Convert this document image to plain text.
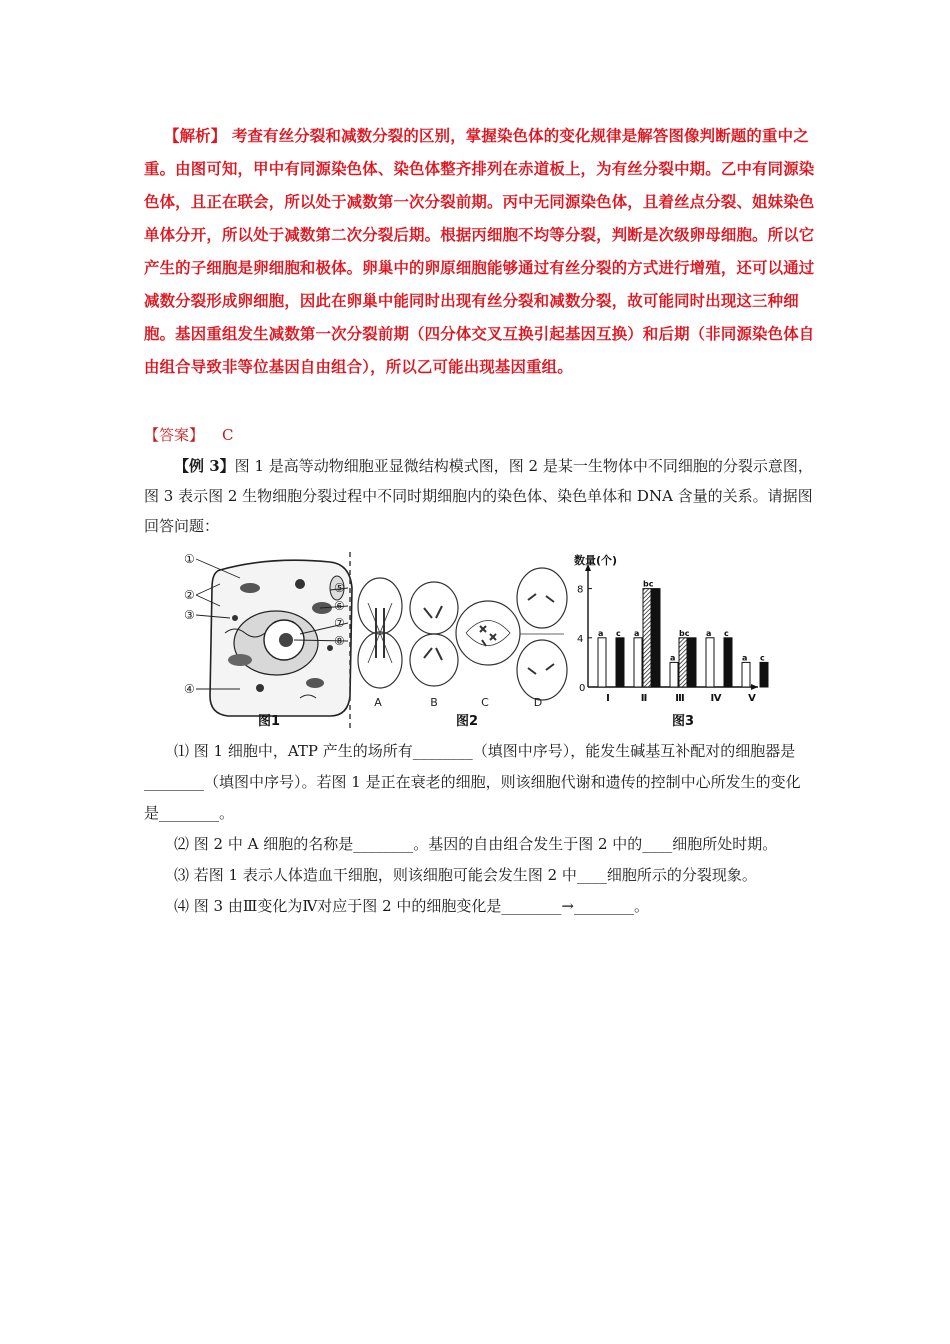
【解析】 考查有丝分裂和减数分裂的区别，掌握染色体的变化规律是解答图像判断题的重中之重。由图可知，甲中有同源染色体、染色体整齐排列在赤道板上，为有丝分裂中期。乙中有同源染色体，且正在联会，所以处于减数第一次分裂前期。丙中无同源染色体，且着丝点分裂、姐妹染色单体分开，所以处于减数第二次分裂后期。根据丙细胞不均等分裂，判断是次级卵母细胞。所以它产生的子细胞是卵细胞和极体。卵巢中的卵原细胞能够通过有丝分裂的方式进行增殖，还可以通过减数分裂形成卵细胞，因此在卵巢中能同时出现有丝分裂和减数分裂，故可能同时出现这三种细胞。基因重组发生减数第一次分裂前期（四分体交叉互换引起基因互换）和后期（非同源染色体自由组合导致非等位基因自由组合），所以乙可能出现基因重组。
【答案】 C

【例 3】图 1 是高等动物细胞亚显微结构模式图，图 2 是某一生物体中不同细胞的分裂示意图，图 3 表示图 2 生物细胞分裂过程中不同时期细胞内的染色体、染色单体和 DNA 含量的关系。请据图回答问题：

①
②
③
④
⑤
⑥
⑦
⑧
图1
A	B	C	D
图2
4
8
a c
Ⅰ
a
bc
Ⅱ
a
bc
Ⅲ
a c
Ⅳ
a c
Ⅴ
数量(个)
0
图3

⑴ 图 1 细胞中，ATP 产生的场所有________（填图中序号），能发生碱基互补配对的细胞器是________（填图中序号）。若图 1 是正在衰老的细胞，则该细胞代谢和遗传的控制中心所发生的变化是________。

⑵ 图 2 中 A 细胞的名称是________。基因的自由组合发生于图 2 中的____细胞所处时期。

⑶ 若图 1 表示人体造血干细胞，则该细胞可能会发生图 2 中____细胞所示的分裂现象。

⑷ 图 3 由Ⅲ变化为Ⅳ对应于图 2 中的细胞变化是________→________。
